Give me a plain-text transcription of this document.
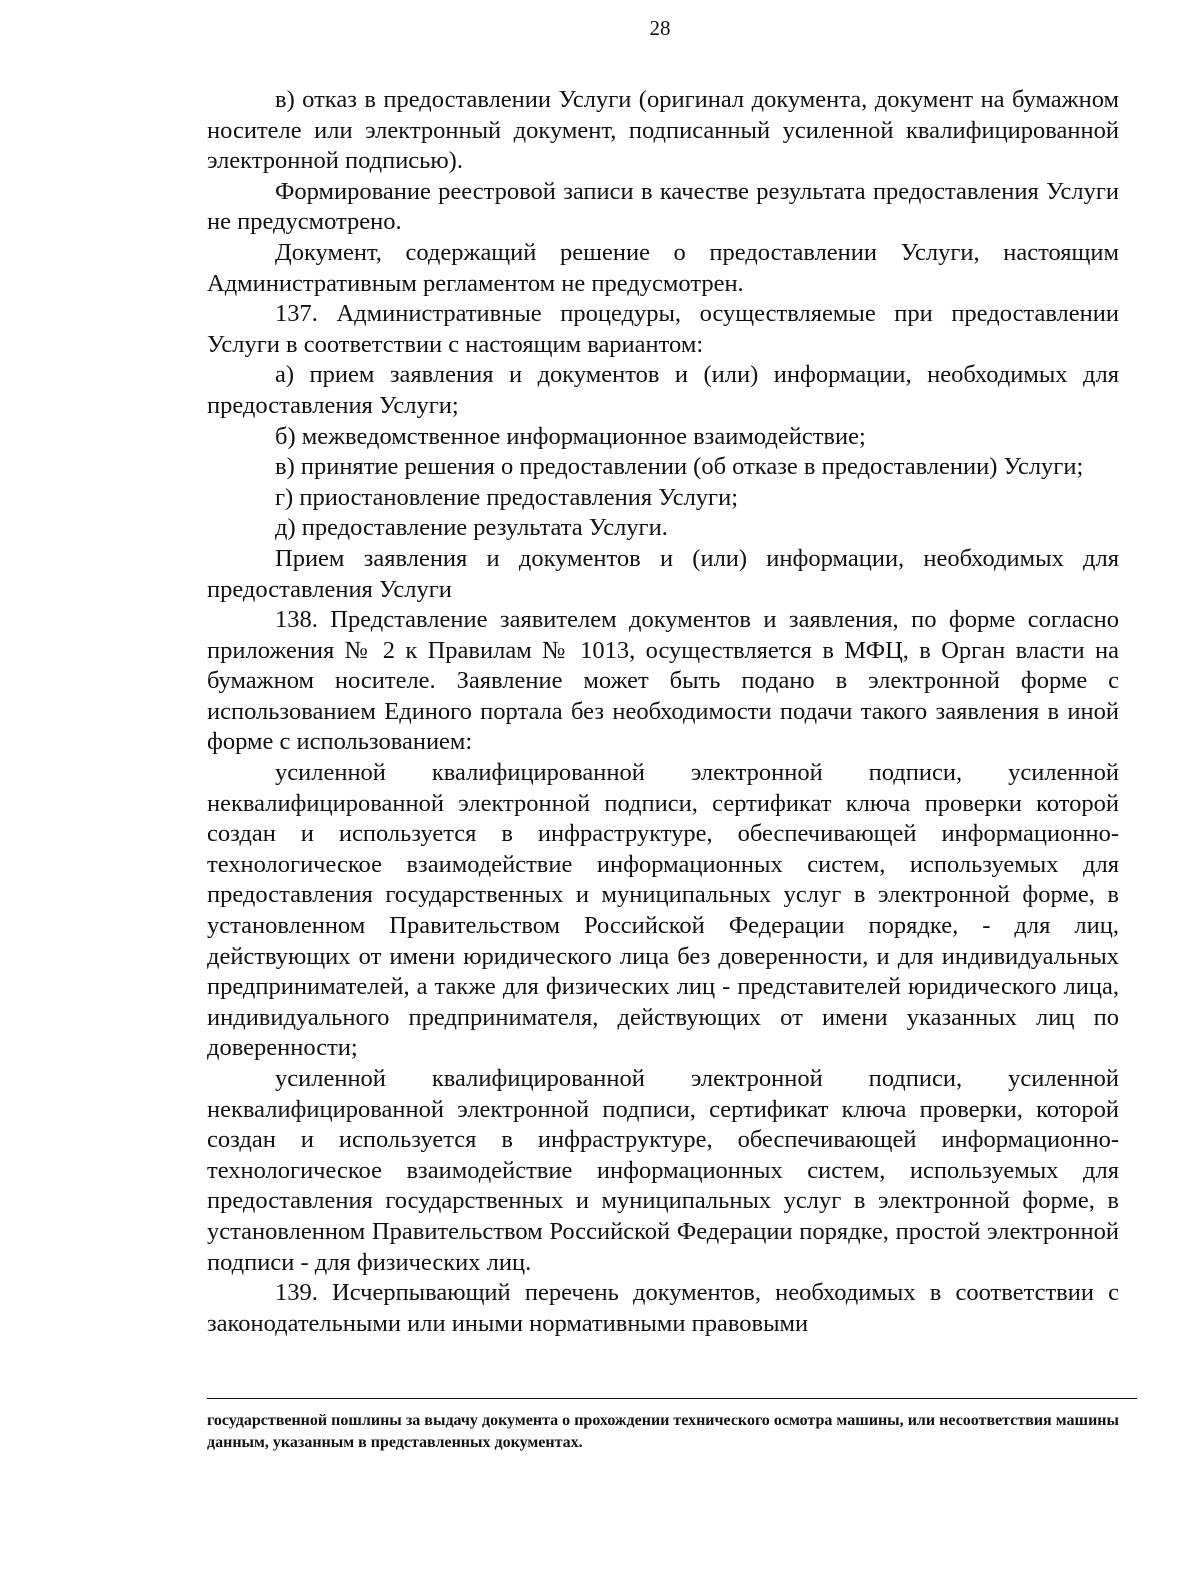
28

в) отказ в предоставлении Услуги (оригинал документа, документ на бумажном носителе или электронный документ, подписанный усиленной квалифицированной электронной подписью).

Формирование реестровой записи в качестве результата предоставления Услуги не предусмотрено.

Документ, содержащий решение о предоставлении Услуги, настоящим Административным регламентом не предусмотрен.

137. Административные процедуры, осуществляемые при предоставлении Услуги в соответствии с настоящим вариантом:

а) прием заявления и документов и (или) информации, необходимых для предоставления Услуги;

б) межведомственное информационное взаимодействие;

в) принятие решения о предоставлении (об отказе в предоставлении) Услуги;

г) приостановление предоставления Услуги;

д) предоставление результата Услуги.

Прием заявления и документов и (или) информации, необходимых для предоставления Услуги

138. Представление заявителем документов и заявления, по форме согласно приложения № 2 к Правилам № 1013, осуществляется в МФЦ, в Орган власти на бумажном носителе. Заявление может быть подано в электронной форме с использованием Единого портала без необходимости подачи такого заявления в иной форме с использованием:

усиленной квалифицированной электронной подписи, усиленной неквалифицированной электронной подписи, сертификат ключа проверки которой создан и используется в инфраструктуре, обеспечивающей информационно-технологическое взаимодействие информационных систем, используемых для предоставления государственных и муниципальных услуг в электронной форме, в установленном Правительством Российской Федерации порядке, - для лиц, действующих от имени юридического лица без доверенности, и для индивидуальных предпринимателей, а также для физических лиц - представителей юридического лица, индивидуального предпринимателя, действующих от имени указанных лиц по доверенности;

усиленной квалифицированной электронной подписи, усиленной неквалифицированной электронной подписи, сертификат ключа проверки, которой создан и используется в инфраструктуре, обеспечивающей информационно-технологическое взаимодействие информационных систем, используемых для предоставления государственных и муниципальных услуг в электронной форме, в установленном Правительством Российской Федерации порядке, простой электронной подписи - для физических лиц.

139. Исчерпывающий перечень документов, необходимых в соответствии с законодательными или иными нормативными правовыми

государственной пошлины за выдачу документа о прохождении технического осмотра машины, или несоответствия машины данным, указанным в представленных документах.
